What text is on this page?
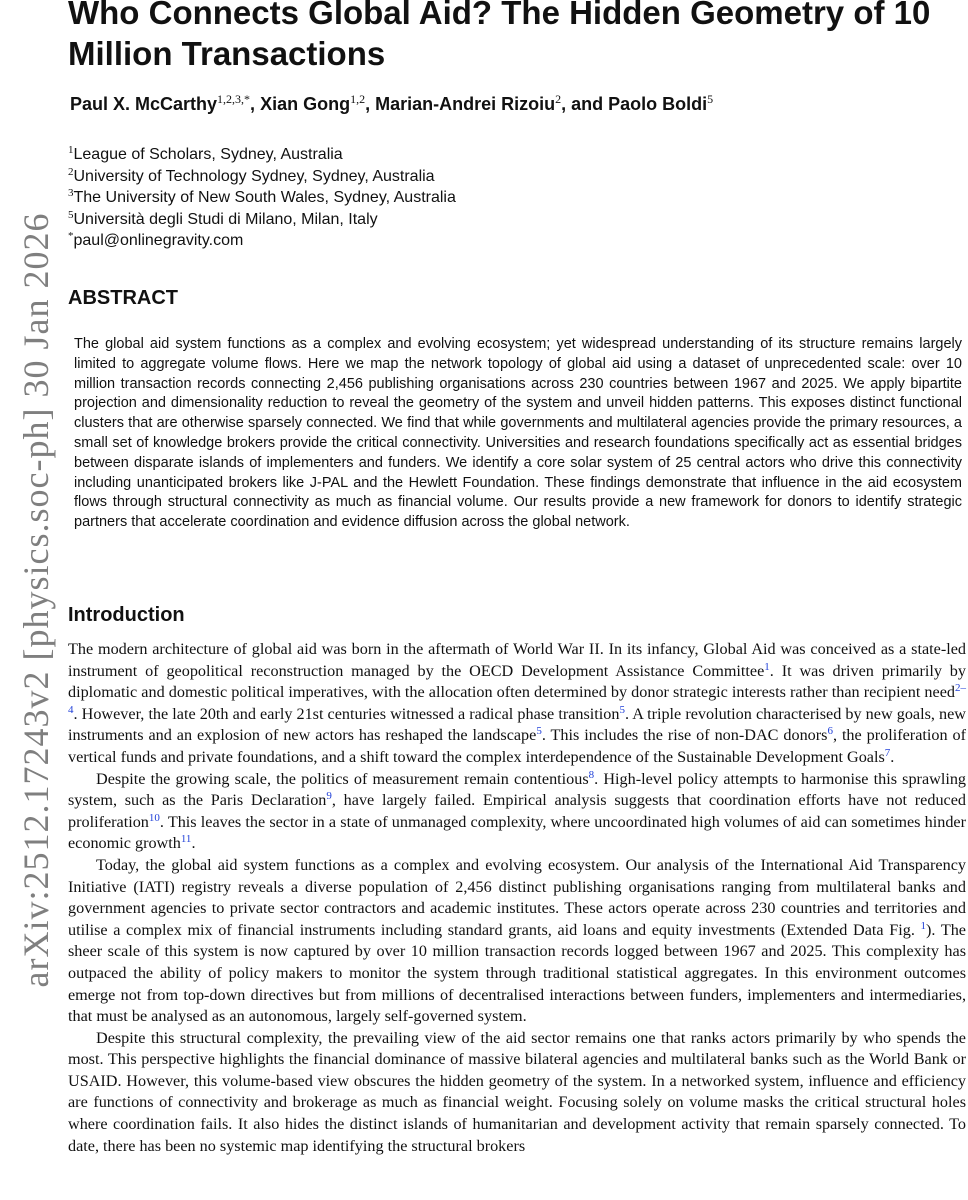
arXiv:2512.17243v2 [physics.soc-ph] 30 Jan 2026
Who Connects Global Aid? The Hidden Geometry of 10 Million Transactions
Paul X. McCarthy$^{1,2,3,*}$, Xian Gong$^{1,2}$, Marian-Andrei Rizoiu$^2$, and Paolo Boldi$^5$
$^1$League of Scholars, Sydney, Australia
$^2$University of Technology Sydney, Sydney, Australia
$^3$The University of New South Wales, Sydney, Australia
$^5$Università degli Studi di Milano, Milan, Italy
*paul@onlinegravity.com
ABSTRACT

The global aid system functions as a complex and evolving ecosystem; yet widespread understanding of its structure remains largely limited to aggregate volume flows. Here we map the network topology of global aid using a dataset of unprecedented scale: over 10 million transaction records connecting 2,456 publishing organisations across 230 countries between 1967 and 2025. We apply bipartite projection and dimensionality reduction to reveal the geometry of the system and unveil hidden patterns. This exposes distinct functional clusters that are otherwise sparsely connected. We find that while governments and multilateral agencies provide the primary resources, a small set of knowledge brokers provide the critical connectivity. Universities and research foundations specifically act as essential bridges between disparate islands of implementers and funders. We identify a core solar system of 25 central actors who drive this connectivity including unanticipated brokers like J-PAL and the Hewlett Foundation. These findings demonstrate that influence in the aid ecosystem flows through structural connectivity as much as financial volume. Our results provide a new framework for donors to identify strategic partners that accelerate coordination and evidence diffusion across the global network.

Introduction

The modern architecture of global aid was born in the aftermath of World War II. In its infancy, Global Aid was conceived as a state-led instrument of geopolitical reconstruction managed by the OECD Development Assistance Committee$^1$. It was driven primarily by diplomatic and domestic political imperatives, with the allocation often determined by donor strategic interests rather than recipient need$^{2-4}$. However, the late 20th and early 21st centuries witnessed a radical phase transition$^5$. A triple revolution characterised by new goals, new instruments and an explosion of new actors has reshaped the landscape$^5$. This includes the rise of non-DAC donors$^6$, the proliferation of vertical funds and private foundations, and a shift toward the complex interdependence of the Sustainable Development Goals$^7$.

Despite the growing scale, the politics of measurement remain contentious$^8$. High-level policy attempts to harmonise this sprawling system, such as the Paris Declaration$^9$, have largely failed. Empirical analysis suggests that coordination efforts have not reduced proliferation$^{10}$. This leaves the sector in a state of unmanaged complexity, where uncoordinated high volumes of aid can sometimes hinder economic growth$^{11}$.

Today, the global aid system functions as a complex and evolving ecosystem. Our analysis of the International Aid Transparency Initiative (IATI) registry reveals a diverse population of 2,456 distinct publishing organisations ranging from multilateral banks and government agencies to private sector contractors and academic institutes. These actors operate across 230 countries and territories and utilise a complex mix of financial instruments including standard grants, aid loans and equity investments (Extended Data Fig. $^1$). The sheer scale of this system is now captured by over 10 million transaction records logged between 1967 and 2025. This complexity has outpaced the ability of policy makers to monitor the system through traditional statistical aggregates. In this environment outcomes emerge not from top-down directives but from millions of decentralised interactions between funders, implementers and intermediaries, that must be analysed as an autonomous, largely self-governed system.

Despite this structural complexity, the prevailing view of the aid sector remains one that ranks actors primarily by who spends the most. This perspective highlights the financial dominance of massive bilateral agencies and multilateral banks such as the World Bank or USAID. However, this volume-based view obscures the hidden geometry of the system. In a networked system, influence and efficiency are functions of connectivity and brokerage as much as financial weight. Focusing solely on volume masks the critical structural holes where coordination fails. It also hides the distinct islands of humanitarian and development activity that remain sparsely connected. To date, there has been no systemic map identifying the structural brokers
